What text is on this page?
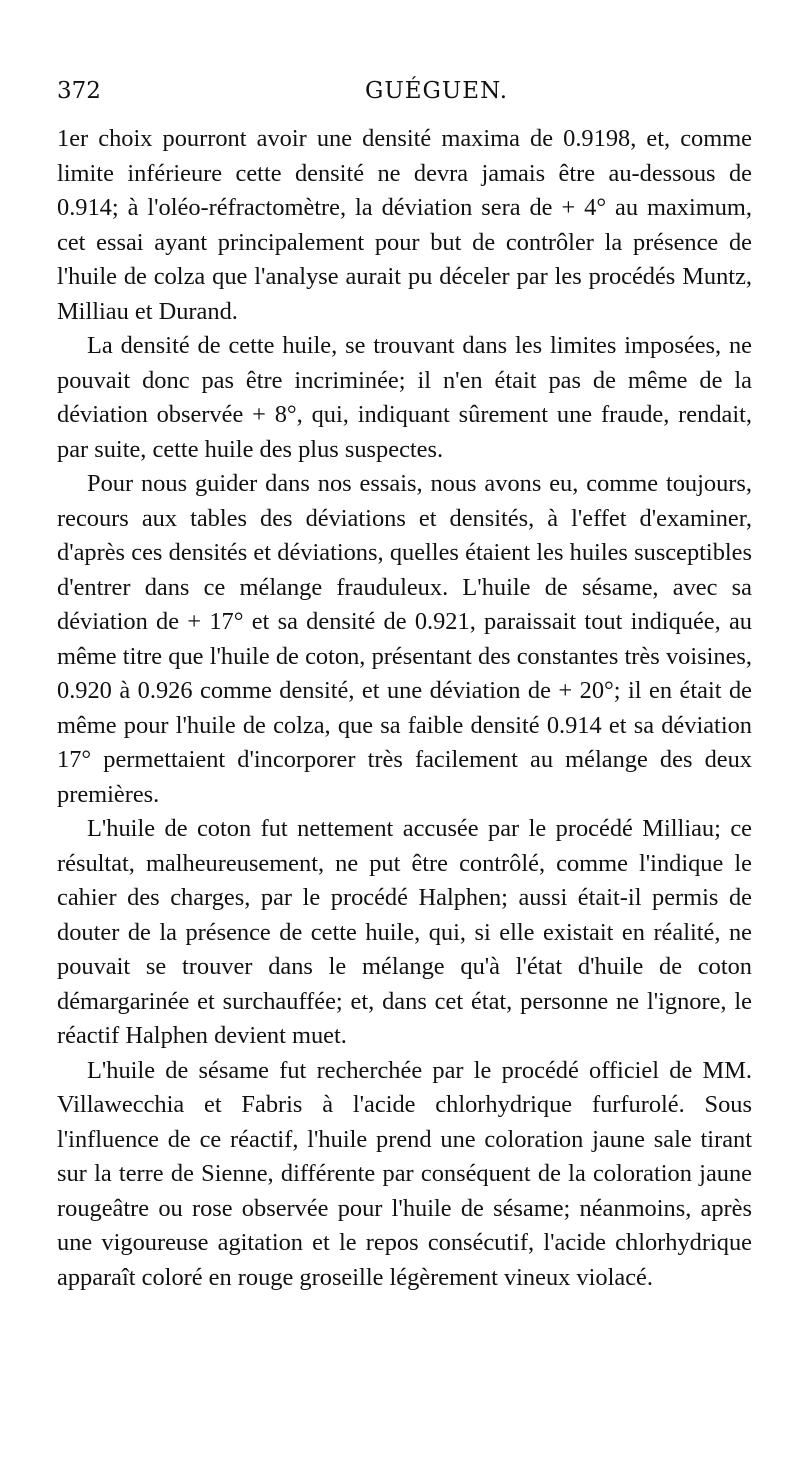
372	GUÉGUEN.

1er choix pourront avoir une densité maxima de 0.9198, et, comme limite inférieure cette densité ne devra jamais être au-dessous de 0.914; à l'oléo-réfractomètre, la déviation sera de + 4° au maximum, cet essai ayant principalement pour but de contrôler la présence de l'huile de colza que l'analyse aurait pu déceler par les procédés Muntz, Milliau et Durand.

La densité de cette huile, se trouvant dans les limites imposées, ne pouvait donc pas être incriminée; il n'en était pas de même de la déviation observée + 8°, qui, indiquant sûrement une fraude, rendait, par suite, cette huile des plus suspectes.

Pour nous guider dans nos essais, nous avons eu, comme toujours, recours aux tables des déviations et densités, à l'effet d'examiner, d'après ces densités et déviations, quelles étaient les huiles susceptibles d'entrer dans ce mélange frauduleux. L'huile de sésame, avec sa déviation de + 17° et sa densité de 0.921, paraissait tout indiquée, au même titre que l'huile de coton, présentant des constantes très voisines, 0.920 à 0.926 comme densité, et une déviation de + 20°; il en était de même pour l'huile de colza, que sa faible densité 0.914 et sa déviation 17° permettaient d'incorporer très facilement au mélange des deux premières.

L'huile de coton fut nettement accusée par le procédé Milliau; ce résultat, malheureusement, ne put être contrôlé, comme l'indique le cahier des charges, par le procédé Halphen; aussi était-il permis de douter de la présence de cette huile, qui, si elle existait en réalité, ne pouvait se trouver dans le mélange qu'à l'état d'huile de coton démargarinée et surchauffée; et, dans cet état, personne ne l'ignore, le réactif Halphen devient muet.

L'huile de sésame fut recherchée par le procédé officiel de MM. Villawecchia et Fabris à l'acide chlorhydrique furfurolé. Sous l'influence de ce réactif, l'huile prend une coloration jaune sale tirant sur la terre de Sienne, différente par conséquent de la coloration jaune rougeâtre ou rose observée pour l'huile de sésame; néanmoins, après une vigoureuse agitation et le repos consécutif, l'acide chlorhydrique apparaît coloré en rouge groseille légèrement vineux violacé.
